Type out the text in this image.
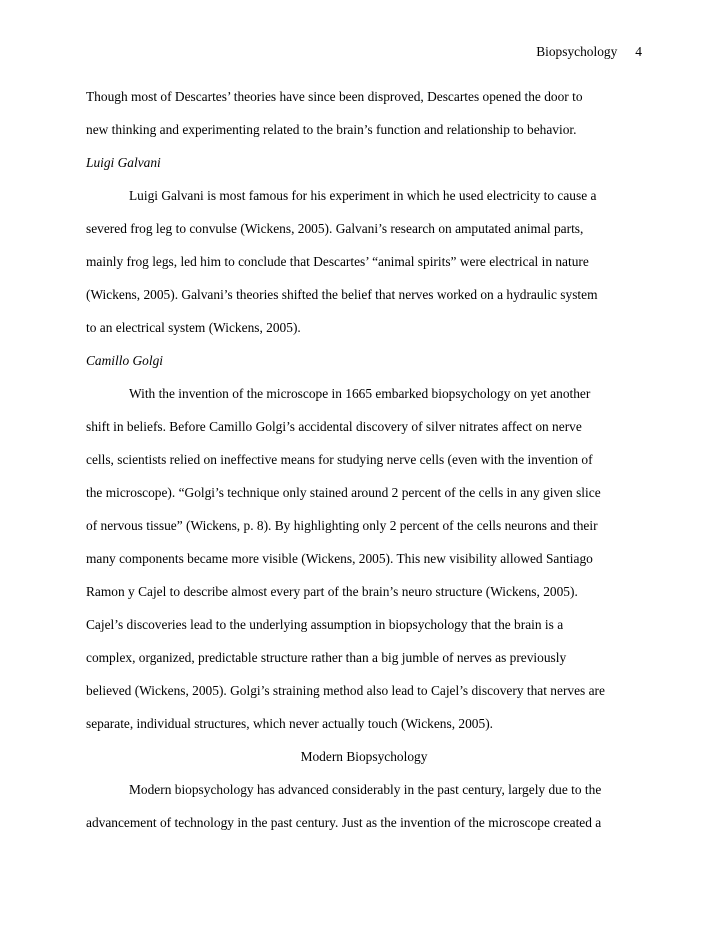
Biopsychology 4
Though most of Descartes’ theories have since been disproved, Descartes opened the door to
new thinking and experimenting related to the brain’s function and relationship to behavior.
Luigi Galvani
Luigi Galvani is most famous for his experiment in which he used electricity to cause a
severed frog leg to convulse (Wickens, 2005). Galvani’s research on amputated animal parts,
mainly frog legs, led him to conclude that Descartes’ “animal spirits” were electrical in nature
(Wickens, 2005). Galvani’s theories shifted the belief that nerves worked on a hydraulic system
to an electrical system (Wickens, 2005).
Camillo Golgi
With the invention of the microscope in 1665 embarked biopsychology on yet another
shift in beliefs. Before Camillo Golgi’s accidental discovery of silver nitrates affect on nerve
cells, scientists relied on ineffective means for studying nerve cells (even with the invention of
the microscope). “Golgi’s technique only stained around 2 percent of the cells in any given slice
of nervous tissue” (Wickens, p. 8). By highlighting only 2 percent of the cells neurons and their
many components became more visible (Wickens, 2005). This new visibility allowed Santiago
Ramon y Cajel to describe almost every part of the brain’s neuro structure (Wickens, 2005).
Cajel’s discoveries lead to the underlying assumption in biopsychology that the brain is a
complex, organized, predictable structure rather than a big jumble of nerves as previously
believed (Wickens, 2005). Golgi’s straining method also lead to Cajel’s discovery that nerves are
separate, individual structures, which never actually touch (Wickens, 2005).
Modern Biopsychology
Modern biopsychology has advanced considerably in the past century, largely due to the
advancement of technology in the past century. Just as the invention of the microscope created a
